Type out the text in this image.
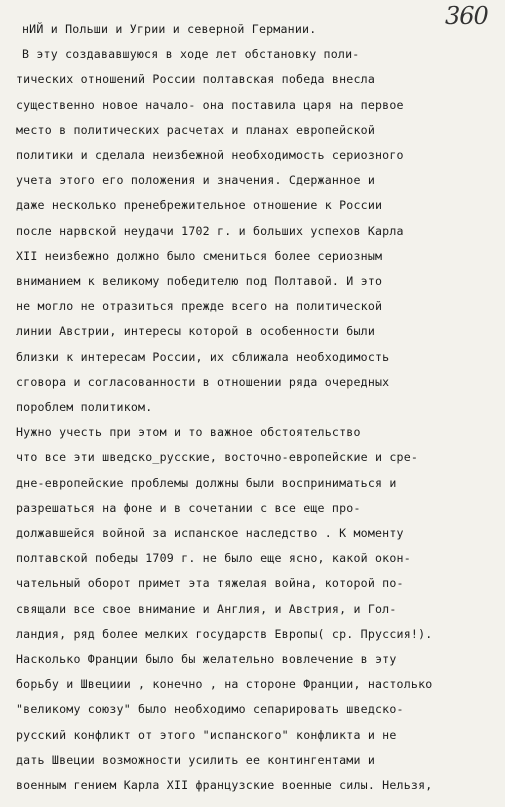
360
нИЙ и Польши и Угрии и северной Германии.
В эту создававшуюся в ходе лет обстановку поли-
тических отношений России полтавская победа внесла
существенно новое начало- она поставила царя на первое
место в политических расчетах и планах европейской
политики и сделала неизбежной необходимость сериозного
учета этого его положения и значения. Сдержанное и
даже несколько пренебрежительное отношение к России
после нарвской неудачи 1702 г. и больших успехов Карла
XII неизбежно должно было смениться более сериозным
вниманием к великому победителю под Полтавой. И это
не могло не отразиться прежде всего на политической
линии Австрии, интересы которой в особенности были
близки к интересам России, их сближала необходимость
сговора и согласованности в отношении ряда очередных
пороблем политиком.
Нужно учесть при этом и то важное обстоятельство
что все эти шведско_русские, восточно-европейские и сре-
дне-европейские проблемы должны были восприниматься и
разрешаться на фоне и в сочетании с все еще про-
должавшейся войной за испанское наследство . К моменту
полтавской победы 1709 г. не было еще ясно, какой окон-
чательный оборот примет эта тяжелая война, которой по-
свящали все свое внимание и Англия, и Австрия, и Гол-
ландия, ряд более мелких государств Европы( ср. Пруссия!).
Насколько Франции было бы желательно вовлечение в эту
борьбу и Швециии , конечно , на стороне Франции, настолько
"великому союзу" было необходимо сепарировать шведско-
русский конфликт от этого "испанского" конфликта и не
дать Швеции возможности усилить ее контингентами и
военным гением Карла XII французские военные силы. Нельзя,
